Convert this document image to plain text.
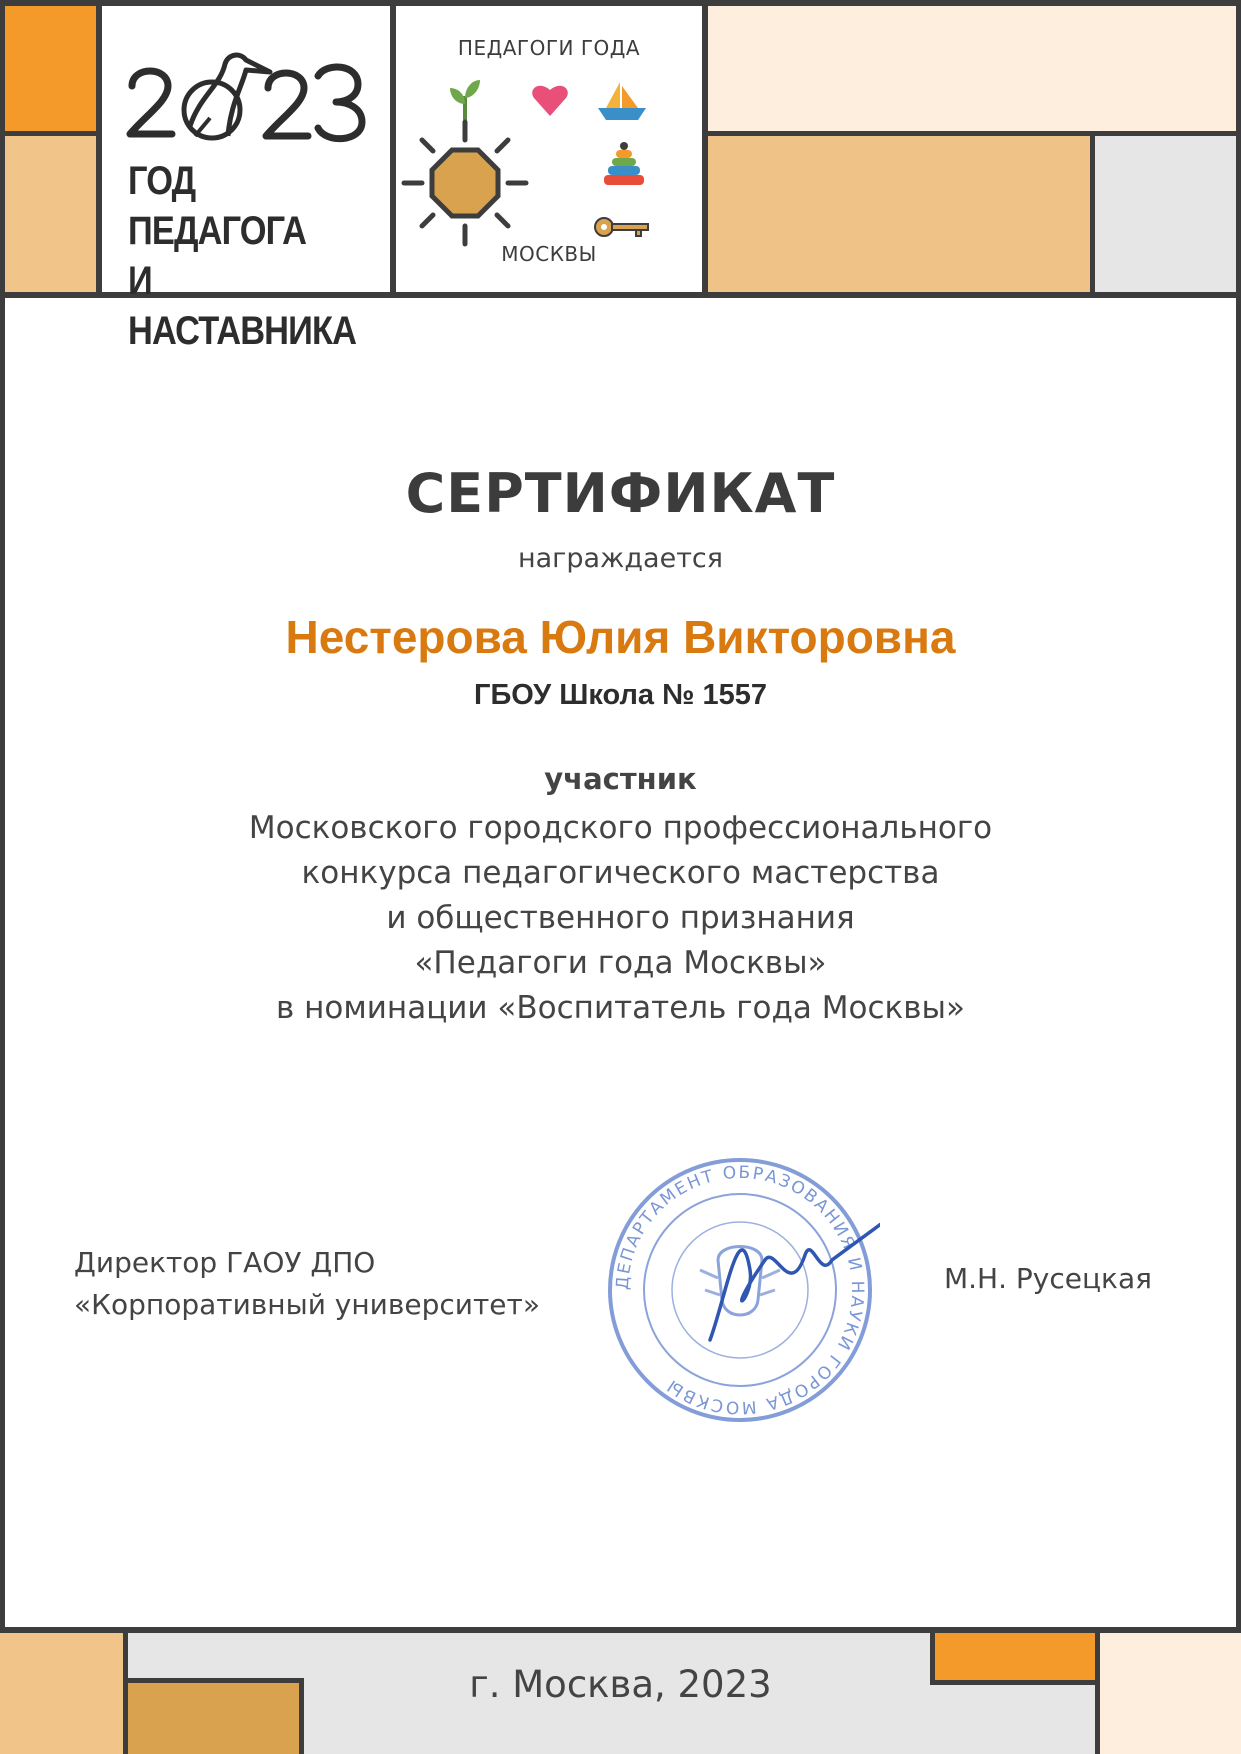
ГОД ПЕДАГОГА
И НАСТАВНИКА
ПЕДАГОГИ ГОДА
МОСКВЫ
СЕРТИФИКАТ
награждается
Нестерова Юлия Викторовна
ГБОУ Школа № 1557
участник
Московского городского профессионального
конкурса педагогического мастерства
и общественного признания
«Педагоги года Москвы»
в номинации «Воспитатель года Москвы»
Директор ГАОУ ДПО
«Корпоративный университет»
ДЕПАРТАМЕНТ ОБРАЗОВАНИЯ И НАУКИ ГОРОДА МОСКВЫ
М.Н. Русецкая
г. Москва, 2023
